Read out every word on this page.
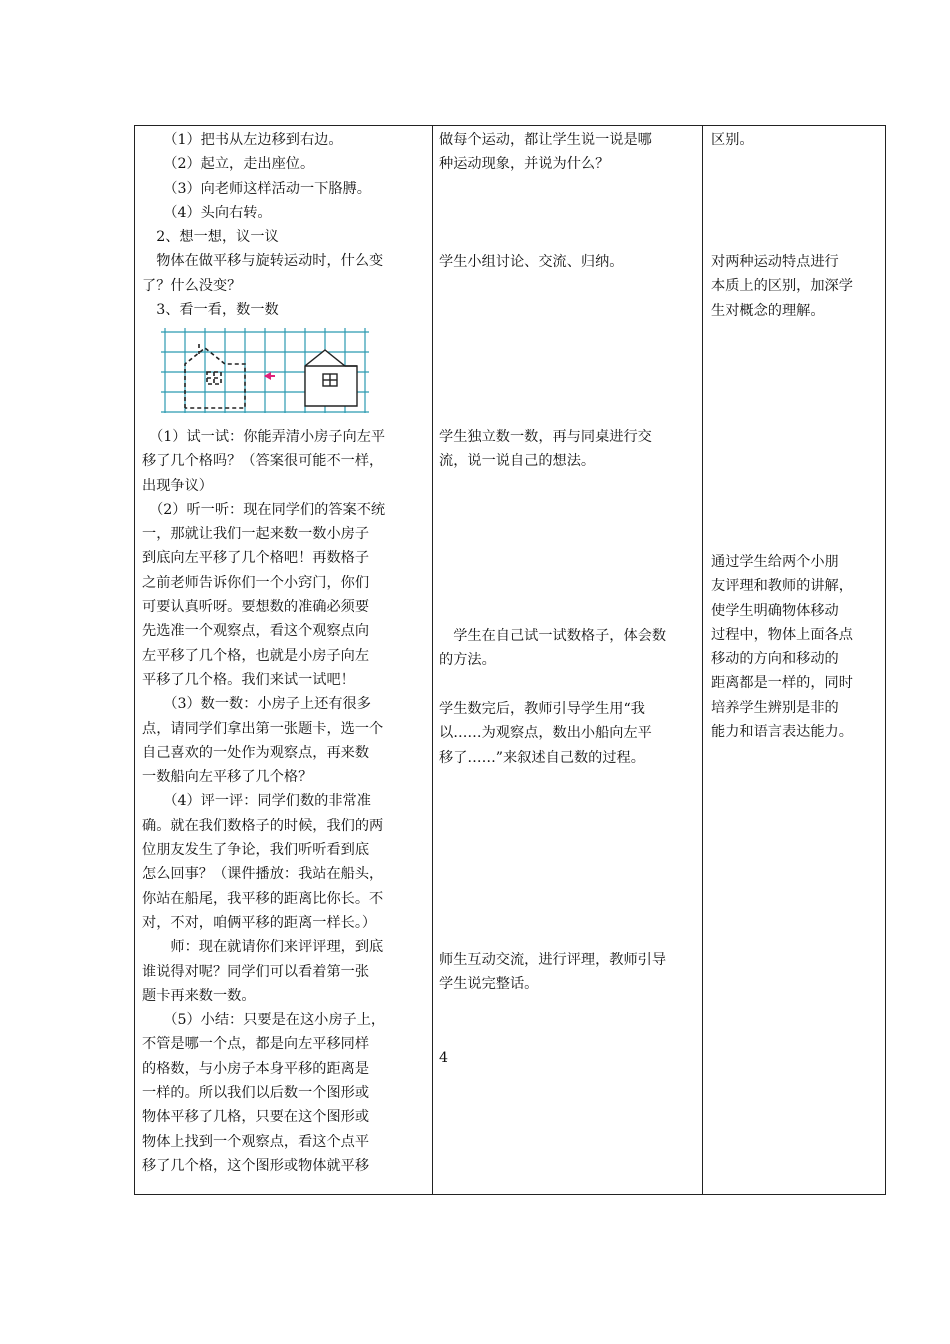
　　（1）把书从左边移到右边。
　　（2）起立，走出座位。
　　（3）向老师这样活动一下胳膊。
　　（4）头向右转。
　2、想一想，议一议
　物体在做平移与旋转运动时，什么变
了？什么没变？
　3、看一看，数一数
　（1）试一试：你能弄清小房子向左平
移了几个格吗？（答案很可能不一样，
出现争议）
　（2）听一听：现在同学们的答案不统
一，那就让我们一起来数一数小房子
到底向左平移了几个格吧！再数格子
之前老师告诉你们一个小窍门，你们
可要认真听呀。要想数的准确必须要
先选准一个观察点，看这个观察点向
左平移了几个格，也就是小房子向左
平移了几个格。我们来试一试吧！
　　（3）数一数：小房子上还有很多
点，请同学们拿出第一张题卡，选一个
自己喜欢的一处作为观察点，再来数
一数船向左平移了几个格？
　　（4）评一评：同学们数的非常准
确。就在我们数格子的时候，我们的两
位朋友发生了争论，我们听听看到底
怎么回事？（课件播放：我站在船头，
你站在船尾，我平移的距离比你长。不
对，不对，咱俩平移的距离一样长。）
　　师：现在就请你们来评评理，到底
谁说得对呢？同学们可以看着第一张
题卡再来数一数。
　　（5）小结：只要是在这小房子上，
不管是哪一个点，都是向左平移同样
的格数，与小房子本身平移的距离是
一样的。所以我们以后数一个图形或
物体平移了几格，只要在这个图形或
物体上找到一个观察点，看这个点平
移了几个格，这个图形或物体就平移
做每个运动，都让学生说一说是哪
种运动现象，并说为什么？
学生小组讨论、交流、归纳。
学生独立数一数，再与同桌进行交
流，说一说自己的想法。
　学生在自己试一试数格子，体会数
的方法。
学生数完后，教师引导学生用“我
以……为观察点，数出小船向左平
移了……”来叙述自己数的过程。
师生互动交流，进行评理，教师引导
学生说完整话。
4
区别。
对两种运动特点进行
本质上的区别，加深学
生对概念的理解。
通过学生给两个小朋
友评理和教师的讲解，
使学生明确物体移动
过程中，物体上面各点
移动的方向和移动的
距离都是一样的，同时
培养学生辨别是非的
能力和语言表达能力。
